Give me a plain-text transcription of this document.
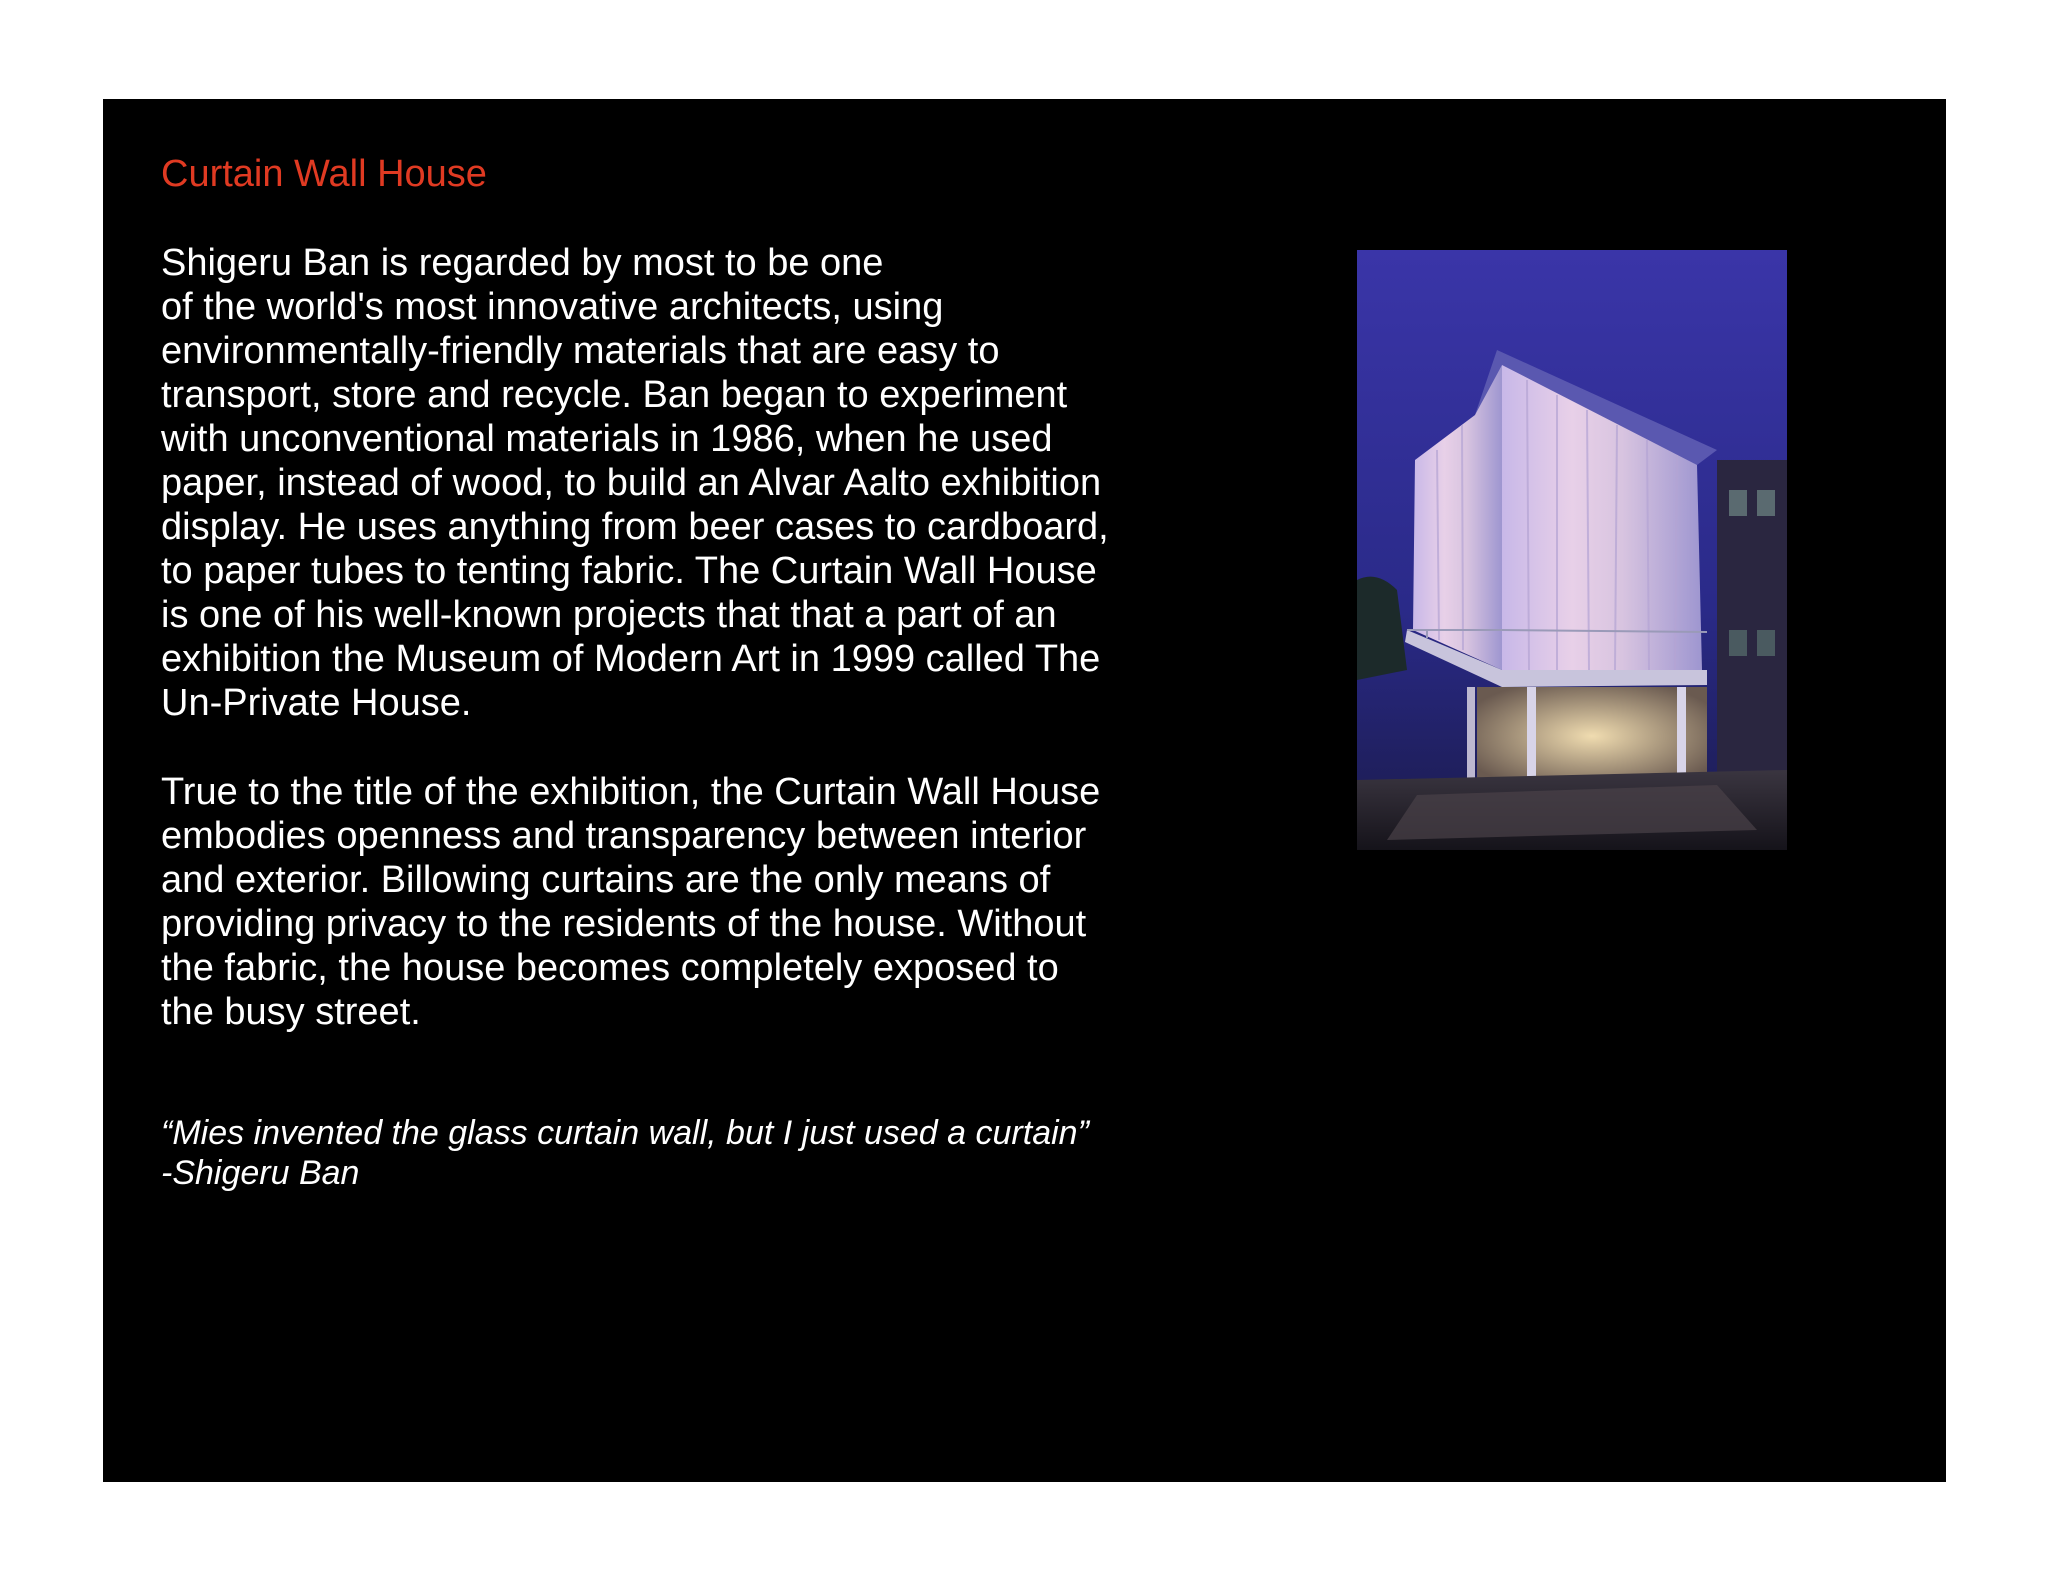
Curtain Wall House

Shigeru Ban is regarded by most to be one
of the world's most innovative architects, using
environmentally-friendly materials that are easy to
transport, store and recycle. Ban began to experiment
with unconventional materials in 1986, when he used
paper, instead of wood, to build an Alvar Aalto exhibition
display. He uses anything from beer cases to cardboard,
to paper tubes to tenting fabric. The Curtain Wall House
is one of his well-known projects that that a part of an
exhibition the Museum of Modern Art in 1999 called The
Un-Private House.

True to the title of the exhibition, the Curtain Wall House
embodies openness and transparency between interior
and exterior. Billowing curtains are the only means of
providing privacy to the residents of the house. Without
the fabric, the house becomes completely exposed to
the busy street.

“Mies invented the glass curtain wall, but I just used a curtain”
-Shigeru Ban
